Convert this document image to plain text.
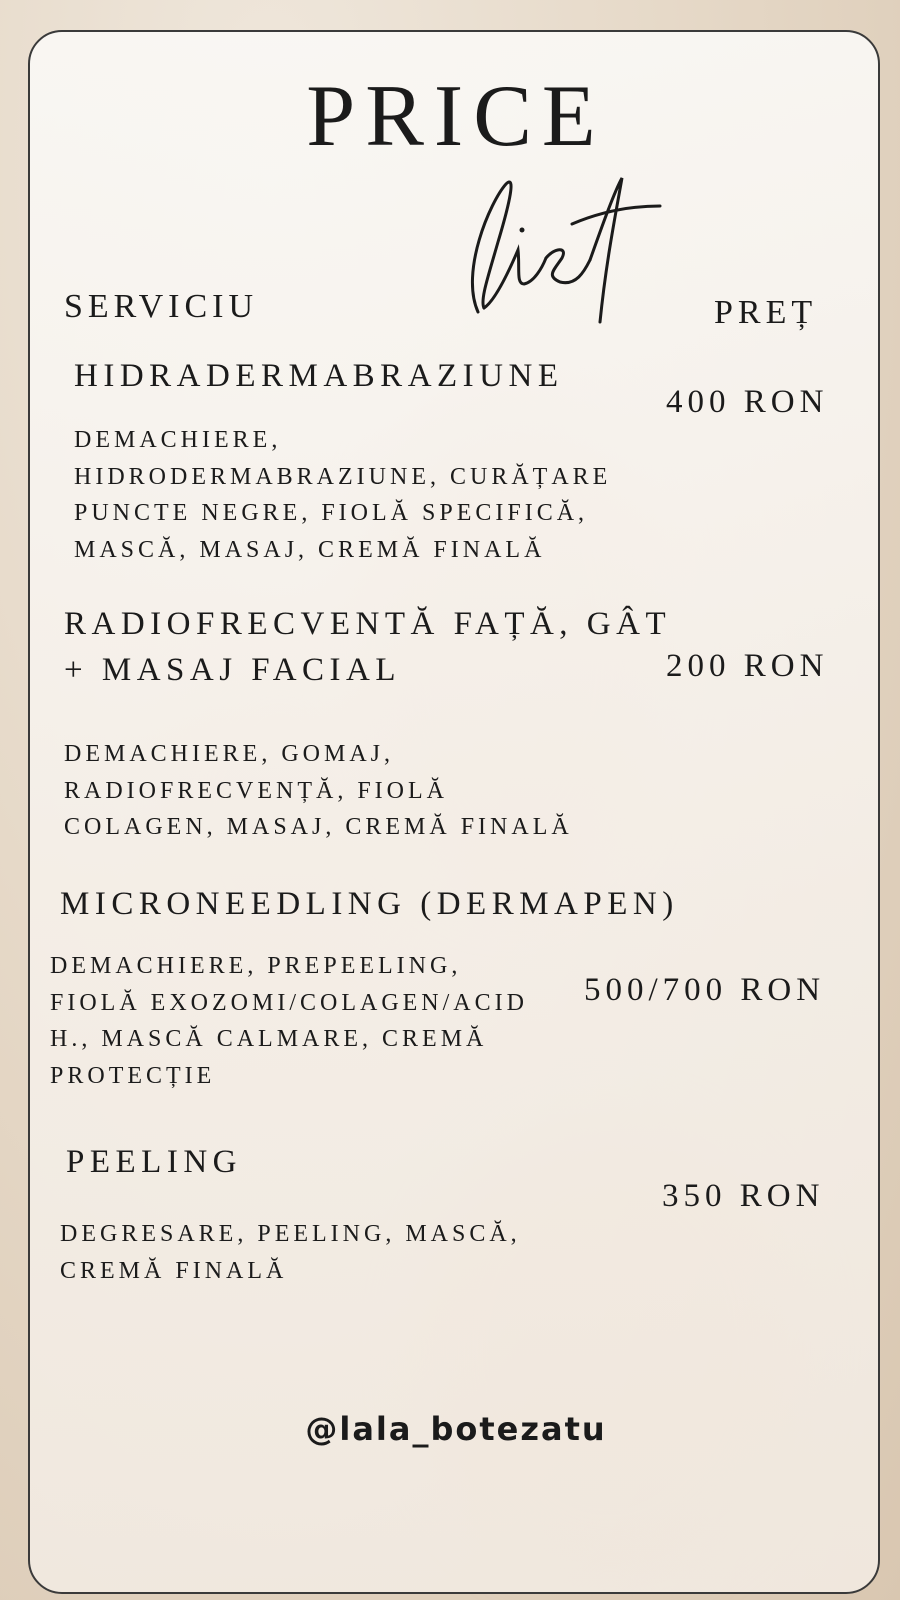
PRICE
SERVICIU	PREȚ
HIDRADERMABRAZIUNE
400 RON
DEMACHIERE,
HIDRODERMABRAZIUNE, CURĂȚARE
PUNCTE NEGRE, FIOLĂ SPECIFICĂ,
MASCĂ, MASAJ, CREMĂ FINALĂ
RADIOFRECVENTĂ FAȚĂ, GÂT
+ MASAJ FACIAL	200 RON
DEMACHIERE, GOMAJ,
RADIOFRECVENȚĂ, FIOLĂ
COLAGEN, MASAJ, CREMĂ FINALĂ
MICRONEEDLING (DERMAPEN)
500/700 RON
DEMACHIERE, PREPEELING,
FIOLĂ EXOZOMI/COLAGEN/ACID
H., MASCĂ CALMARE, CREMĂ
PROTECȚIE
PEELING
350 RON
DEGRESARE, PEELING, MASCĂ,
CREMĂ FINALĂ
@lala_botezatu
